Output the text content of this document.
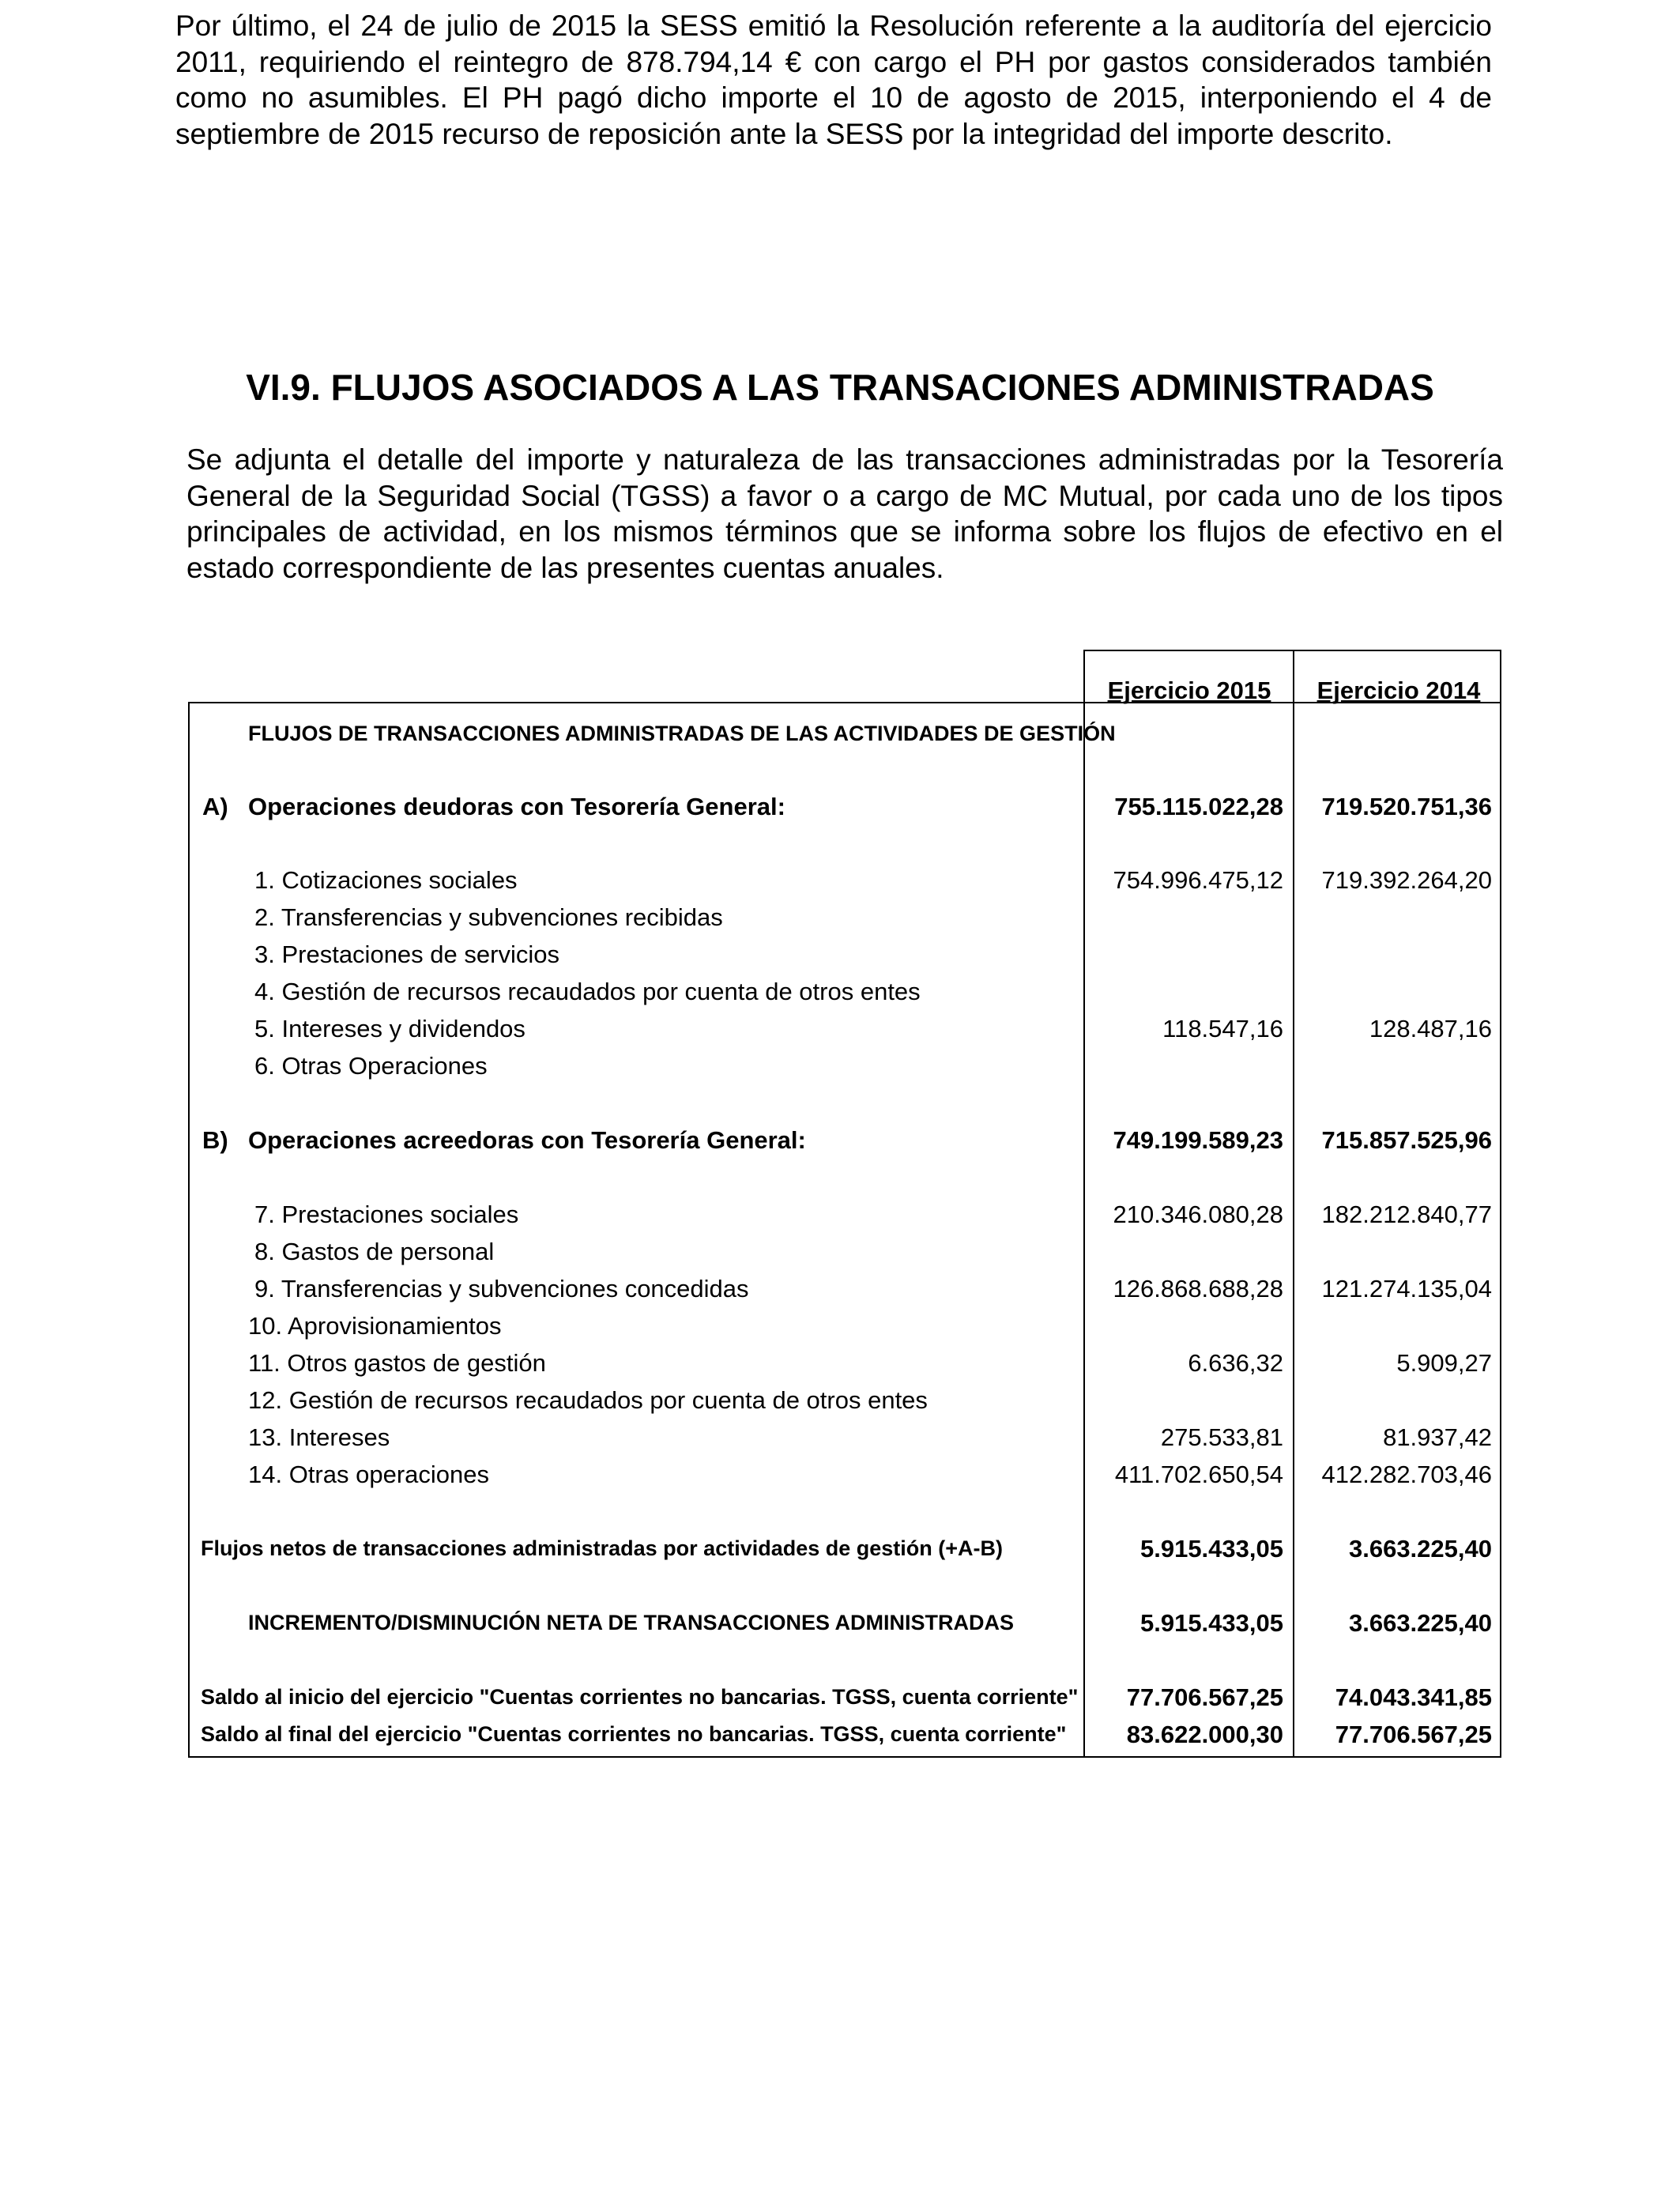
Por último, el 24 de julio de 2015 la SESS emitió la Resolución referente a la auditoría del ejercicio 2011, requiriendo el reintegro de 878.794,14 € con cargo el PH por gastos considerados también como no asumibles. El PH pagó dicho importe el 10 de agosto de 2015, interponiendo el 4 de septiembre de 2015 recurso de reposición ante la SESS por la integridad del importe descrito.

VI.9. FLUJOS ASOCIADOS A LAS TRANSACIONES ADMINISTRADAS

Se adjunta el detalle del importe y naturaleza de las transacciones administradas por la Tesorería General de la Seguridad Social (TGSS) a favor o a cargo de MC Mutual, por cada uno de los tipos principales de actividad, en los mismos términos que se informa sobre los flujos de efectivo en el estado correspondiente de las presentes cuentas anuales.

Ejercicio 2015	Ejercicio 2014
FLUJOS DE TRANSACCIONES ADMINISTRADAS DE LAS ACTIVIDADES DE GESTIÓN
A) Operaciones deudoras con Tesorería General:	755.115.022,28 719.520.751,36
1. Cotizaciones sociales	754.996.475,12 719.392.264,20
2. Transferencias y subvenciones recibidas
3. Prestaciones de servicios
4. Gestión de recursos recaudados por cuenta de otros entes
5. Intereses y dividendos	118.547,16	128.487,16
6. Otras Operaciones
B) Operaciones acreedoras con Tesorería General:	749.199.589,23 715.857.525,96
7. Prestaciones sociales	210.346.080,28 182.212.840,77
8. Gastos de personal
9. Transferencias y subvenciones concedidas	126.868.688,28 121.274.135,04
10. Aprovisionamientos
11. Otros gastos de gestión	6.636,32	5.909,27
12. Gestión de recursos recaudados por cuenta de otros entes
13. Intereses	275.533,81	81.937,42
14. Otras operaciones	411.702.650,54 412.282.703,46
Flujos netos de transacciones administradas por actividades de gestión (+A-B)	5.915.433,05	3.663.225,40
INCREMENTO/DISMINUCIÓN NETA DE TRANSACCIONES ADMINISTRADAS	5.915.433,05	3.663.225,40
Saldo al inicio del ejercicio "Cuentas corrientes no bancarias. TGSS, cuenta corriente" 77.706.567,25 74.043.341,85
Saldo al final del ejercicio "Cuentas corrientes no bancarias. TGSS, cuenta corriente" 83.622.000,30 77.706.567,25
